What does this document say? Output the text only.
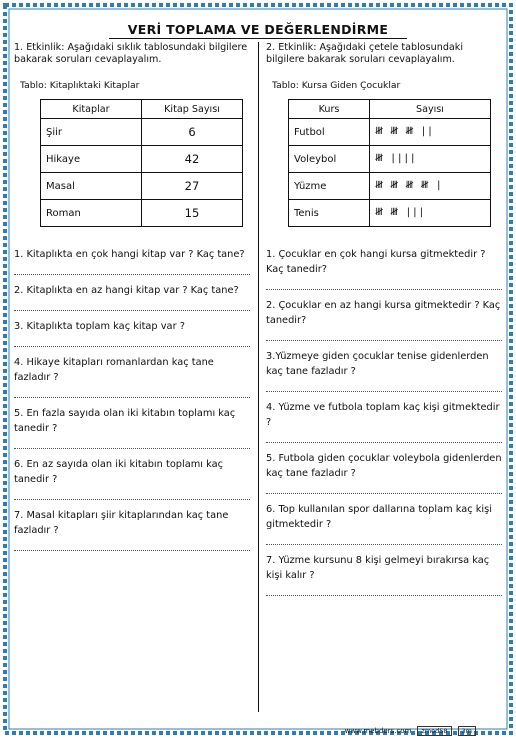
VERİ TOPLAMA VE DEĞERLENDİRME

1. Etkinlik: Aşağıdaki sıklık tablosundaki bilgilere bakarak soruları cevaplayalım.

Tablo: Kitaplıktaki Kitaplar
Kitaplar	Kitap Sayısı
Şiir	6
Hikaye	42
Masal	27
Roman	15

1. Kitaplıkta en çok hangi kitap var ? Kaç tane?

2. Kitaplıkta en az hangi kitap var ? Kaç tane?

3. Kitaplıkta toplam kaç kitap var ?

4. Hikaye kitapları romanlardan kaç tane fazladır ?

5. En fazla sayıda olan iki kitabın toplamı kaç tanedir ?

6. En az sayıda olan iki kitabın toplamı kaç tanedir ?

7. Masal kitapları şiir kitaplarından kaç tane fazladır ?

2. Etkinlik: Aşağıdaki çetele tablosundaki bilgilere bakarak soruları cevaplayalım.

Tablo: Kursa Giden Çocuklar
Kurs	Sayısı
Futbol	𝍸 𝍸 𝍸 ||
Voleybol	𝍸 ||||
Yüzme	𝍸 𝍸 𝍸 𝍸 |
Tenis	𝍸 𝍸 |||

1. Çocuklar en çok hangi kursa gitmektedir ? Kaç tanedir?

2. Çocuklar en az hangi kursa gitmektedir ? Kaç tanedir?

3.Yüzmeye giden çocuklar tenise gidenlerden kaç tane fazladır ?

4. Yüzme ve futbola toplam kaç kişi gitmektedir ?

5. Futbola giden çocuklar voleybola gidenlerden kaç tane fazladır ?

6. Top kullanılan spor dallarına toplam kaç kişi gitmektedir ?

7. Yüzme kursunu 8 kişi gelmeyi bırakırsa kaç kişi kalır ?

www.mebders.com	zmod58	3m
